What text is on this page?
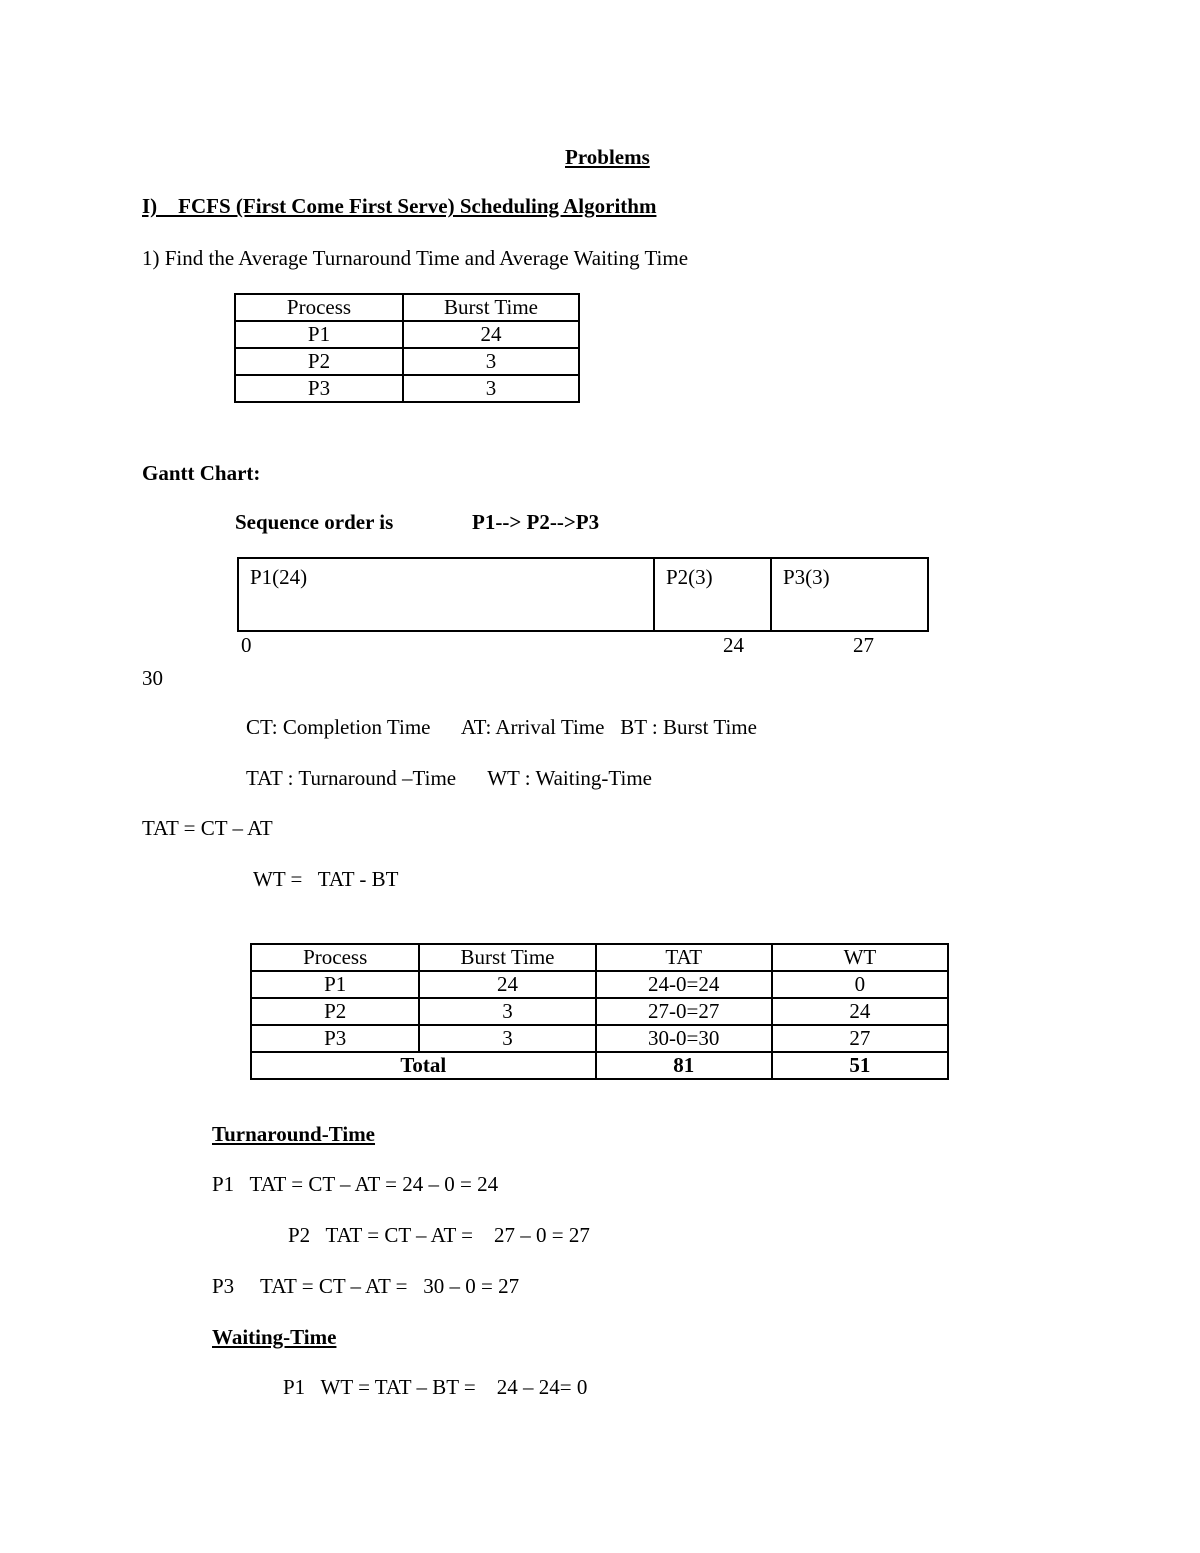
Problems
I)    FCFS (First Come First Serve) Scheduling Algorithm
1) Find the Average Turnaround Time and Average Waiting Time
Process	Burst Time
P1	24
P2	3
P3	3
Gantt Chart:
Sequence order is	P1--> P2-->P3
P1(24)	P2(3)	P3(3)
0	24	27
30
CT: Completion Time      AT: Arrival Time   BT : Burst Time
TAT : Turnaround –Time      WT : Waiting-Time
TAT = CT – AT
WT =   TAT - BT
Process	Burst Time	TAT	WT
P1	24	24-0=24	0
P2	3	27-0=27	24
P3	3	30-0=30	27
Total		81	51
Turnaround-Time
P1   TAT = CT – AT = 24 – 0 = 24
P2   TAT = CT – AT =    27 – 0 = 27
P3     TAT = CT – AT =   30 – 0 = 27
Waiting-Time
P1   WT = TAT – BT =    24 – 24= 0
